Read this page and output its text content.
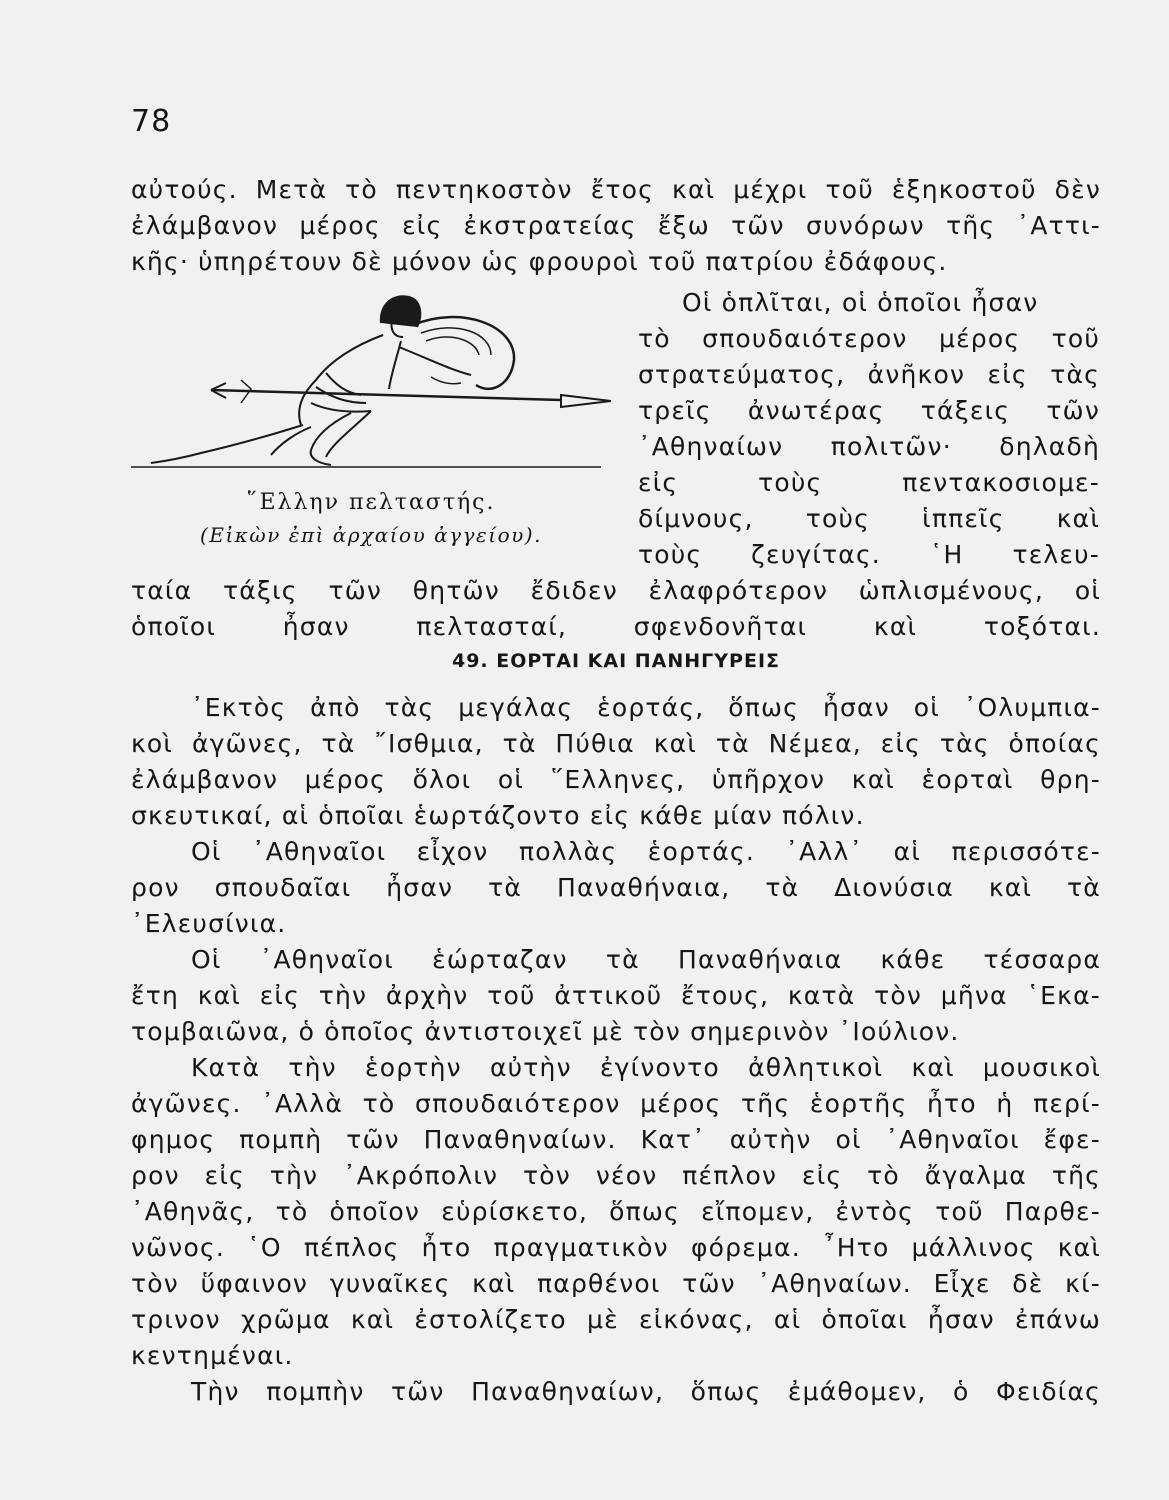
78
αὐτούς. Μετὰ τὸ πεντηκοστὸν ἔτος καὶ μέχρι τοῦ ἑξηκοστοῦ δὲν
ἐλάμβανον μέρος εἰς ἐκστρατείας ἔξω τῶν συνόρων τῆς ᾿Αττι-
κῆς· ὑπηρέτουν δὲ μόνον ὡς φρουροὶ τοῦ πατρίου ἐδάφους.
῞Ελλην πελταστής.
(Εἰκὼν ἐπὶ ἀρχαίου ἀγγείου).
Οἱ ὁπλῖται, οἱ ὁποῖοι ἦσαν
τὸ σπουδαιότερον μέρος τοῦ
στρατεύματος, ἀνῆκον εἰς τὰς
τρεῖς ἀνωτέρας τάξεις τῶν
᾿Αθηναίων πολιτῶν· δηλαδὴ
εἰς τοὺς πεντακοσιομε-
δίμνους, τοὺς ἱππεῖς καὶ
τοὺς ζευγίτας. ῾Η τελευ-
ταία τάξις τῶν θητῶν ἔδιδεν ἐλαφρότερον ὡπλισμένους, οἱ
ὁποῖοι ἦσαν πελτασταί, σφενδονῆται καὶ τοξόται.
49. ΕΟΡΤΑΙ ΚΑΙ ΠΑΝΗΓΥΡΕΙΣ
᾿Εκτὸς ἀπὸ τὰς μεγάλας ἑορτάς, ὅπως ἦσαν οἱ ᾿Ολυμπια-
κοὶ ἀγῶνες, τὰ ῎Ισθμια, τὰ Πύθια καὶ τὰ Νέμεα, εἰς τὰς ὁποίας
ἐλάμβανον μέρος ὅλοι οἱ ῞Ελληνες, ὑπῆρχον καὶ ἑορταὶ θρη-
σκευτικαί, αἱ ὁποῖαι ἑωρτάζοντο εἰς κάθε μίαν πόλιν.
Οἱ ᾿Αθηναῖοι εἶχον πολλὰς ἑορτάς. ᾿Αλλ᾿ αἱ περισσότε-
ρον σπουδαῖαι ἦσαν τὰ Παναθήναια, τὰ Διονύσια καὶ τὰ
᾿Ελευσίνια.
Οἱ ᾿Αθηναῖοι ἑώρταζαν τὰ Παναθήναια κάθε τέσσαρα
ἔτη καὶ εἰς τὴν ἀρχὴν τοῦ ἀττικοῦ ἔτους, κατὰ τὸν μῆνα ῾Εκα-
τομβαιῶνα, ὁ ὁποῖος ἀντιστοιχεῖ μὲ τὸν σημερινὸν ᾿Ιούλιον.
Κατὰ τὴν ἑορτὴν αὐτὴν ἐγίνοντο ἀθλητικοὶ καὶ μουσικοὶ
ἀγῶνες. ᾿Αλλὰ τὸ σπουδαιότερον μέρος τῆς ἑορτῆς ἦτο ἡ περί-
φημος πομπὴ τῶν Παναθηναίων. Κατ᾿ αὐτὴν οἱ ᾿Αθηναῖοι ἔφε-
ρον εἰς τὴν ᾿Ακρόπολιν τὸν νέον πέπλον εἰς τὸ ἄγαλμα τῆς
᾿Αθηνᾶς, τὸ ὁποῖον εὑρίσκετο, ὅπως εἴπομεν, ἐντὸς τοῦ Παρθε-
νῶνος. ῾Ο πέπλος ἦτο πραγματικὸν φόρεμα. ῏Ητο μάλλινος καὶ
τὸν ὕφαινον γυναῖκες καὶ παρθένοι τῶν ᾿Αθηναίων. Εἶχε δὲ κί-
τρινον χρῶμα καὶ ἐστολίζετο μὲ εἰκόνας, αἱ ὁποῖαι ἦσαν ἐπάνω
κεντημέναι.
Τὴν πομπὴν τῶν Παναθηναίων, ὅπως ἐμάθομεν, ὁ Φειδίας
